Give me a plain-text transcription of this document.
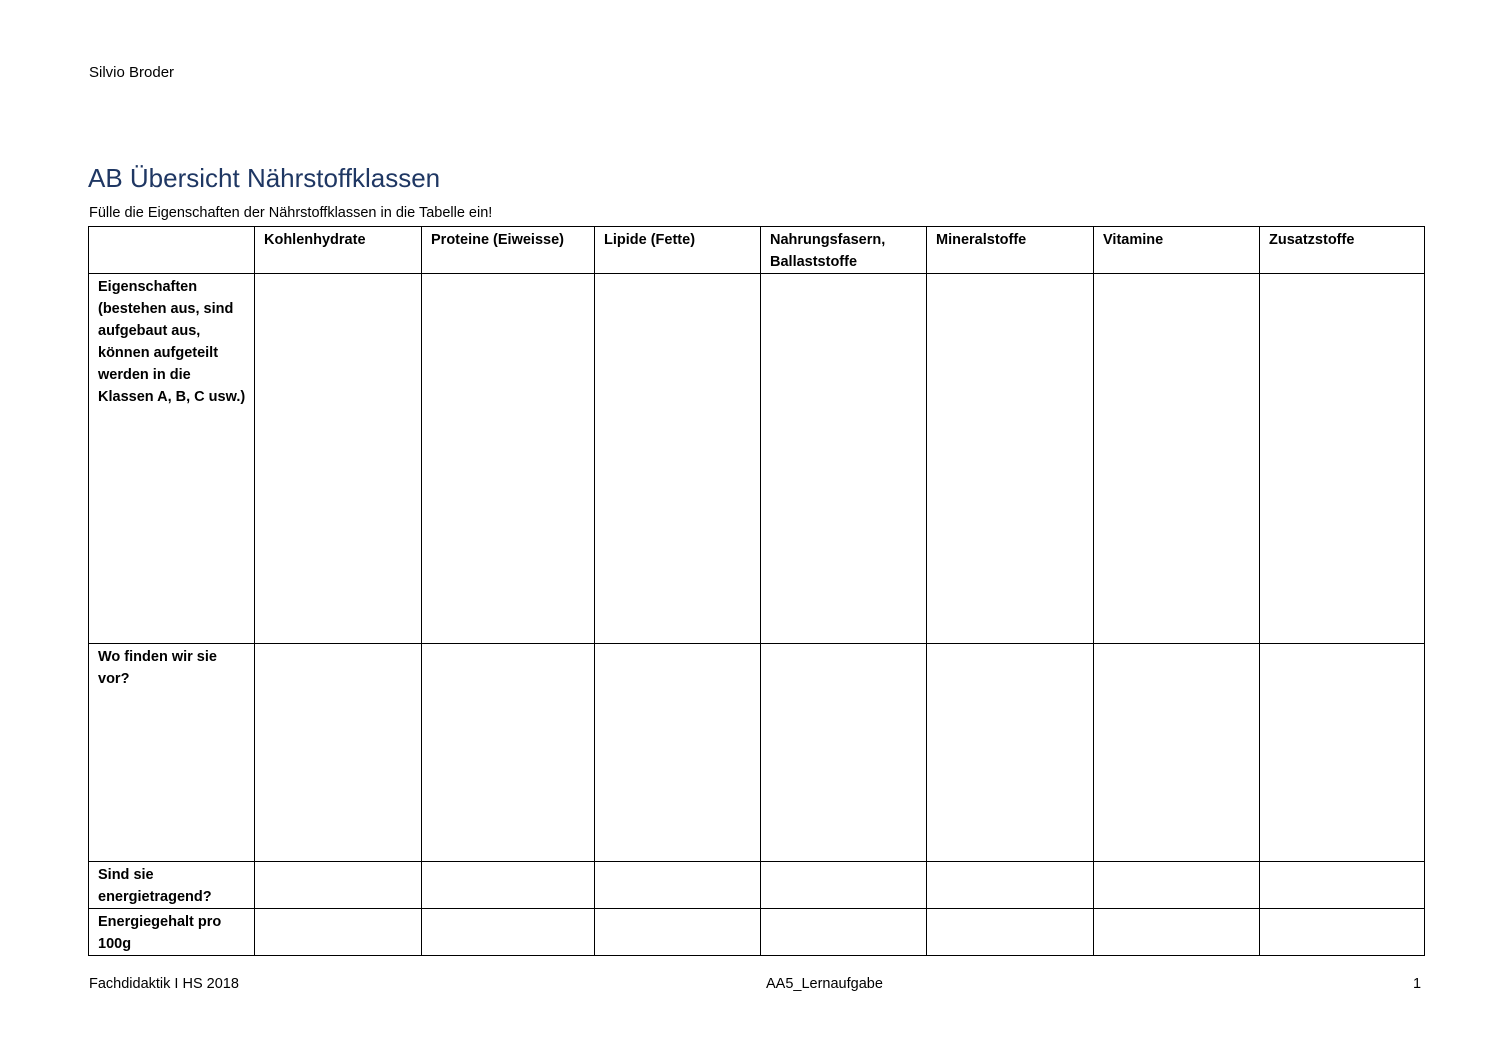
Silvio Broder
AB Übersicht Nährstoffklassen
Fülle die Eigenschaften der Nährstoffklassen in die Tabelle ein!
	Kohlenhydrate	Proteine (Eiweisse)	Lipide (Fette)	Nahrungsfasern, Ballaststoffe	Mineralstoffe	Vitamine	Zusatzstoffe
Eigenschaften (bestehen aus, sind aufgebaut aus, können aufgeteilt werden in die Klassen A, B, C usw.)							
Wo finden wir sie vor?							
Sind sie energietragend?							
Energiegehalt pro 100g							
Fachdidaktik I HS 2018	AA5_Lernaufgabe	1
